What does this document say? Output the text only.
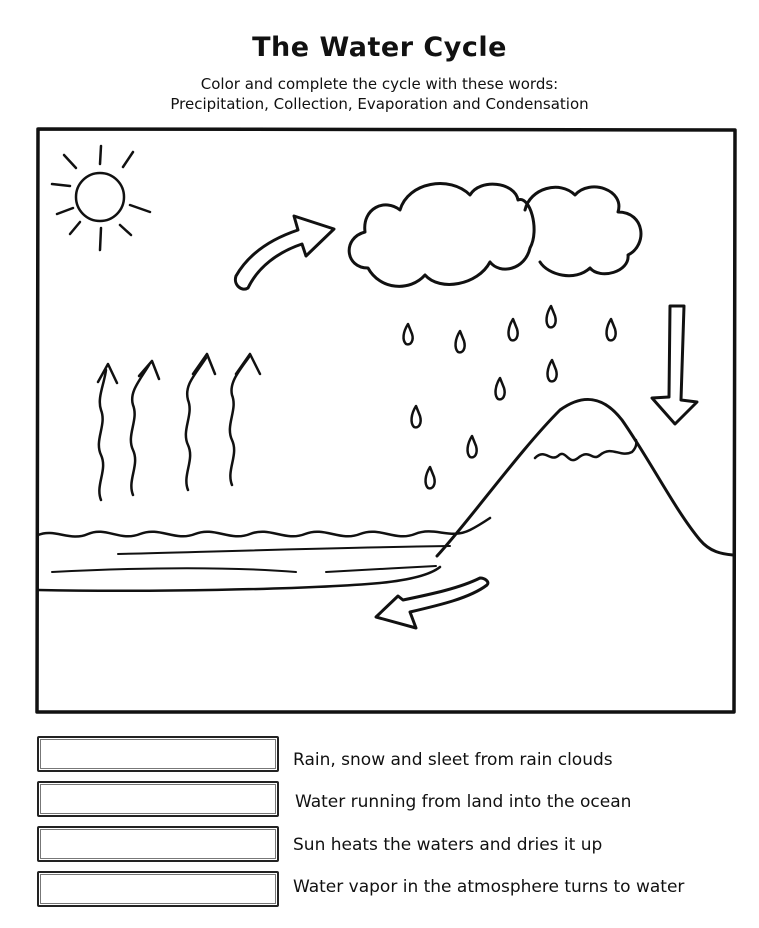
The Water Cycle
Color and complete the cycle with these words:
Precipitation, Collection, Evaporation and Condensation
Rain, snow and sleet from rain clouds
Water running from land into the ocean
Sun heats the waters and dries it up
Water vapor in the atmosphere turns to water
